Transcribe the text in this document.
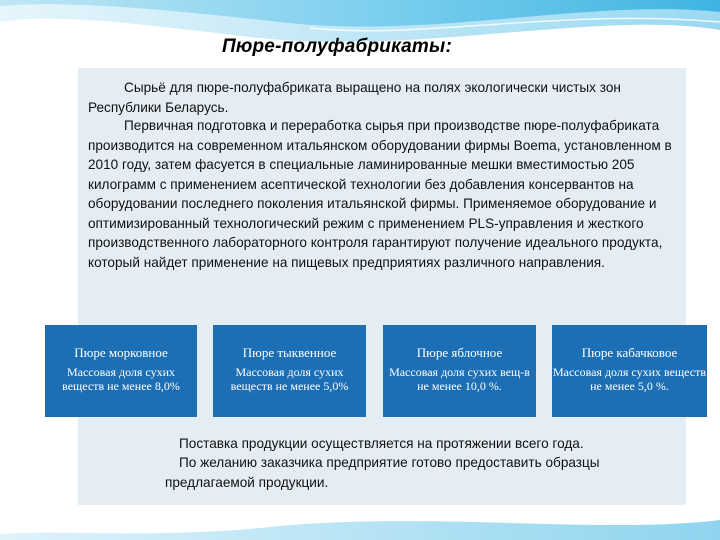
Пюре-полуфабрикаты:

Сырьё для пюре-полуфабриката выращено на полях экологически чистых зон Республики Беларусь.

Первичная подготовка и переработка сырья при производстве пюре-полуфабриката производится на современном итальянском оборудовании фирмы Boema, установленном в 2010 году, затем фасуется в специальные ламинированные мешки вместимостью 205 килограмм с применением асептической технологии без добавления консервантов на оборудовании последнего поколения итальянской фирмы. Применяемое оборудование и оптимизированный технологический режим с применением PLS-управления и жесткого производственного лабораторного контроля гарантируют получение идеального продукта, который найдет применение на пищевых предприятиях различного направления.

Пюре морковное
Массовая доля сухих веществ не менее 8,0%
Пюре тыквенное
Массовая доля сухих веществ не менее 5,0%
Пюре яблочное
Массовая доля сухих вещ-в не менее 10,0 %.
Пюре кабачковое
Массовая доля сухих веществ не менее 5,0 %.

Поставка продукции осуществляется на протяжении всего года.

По желанию заказчика предприятие готово предоставить образцы предлагаемой продукции.
